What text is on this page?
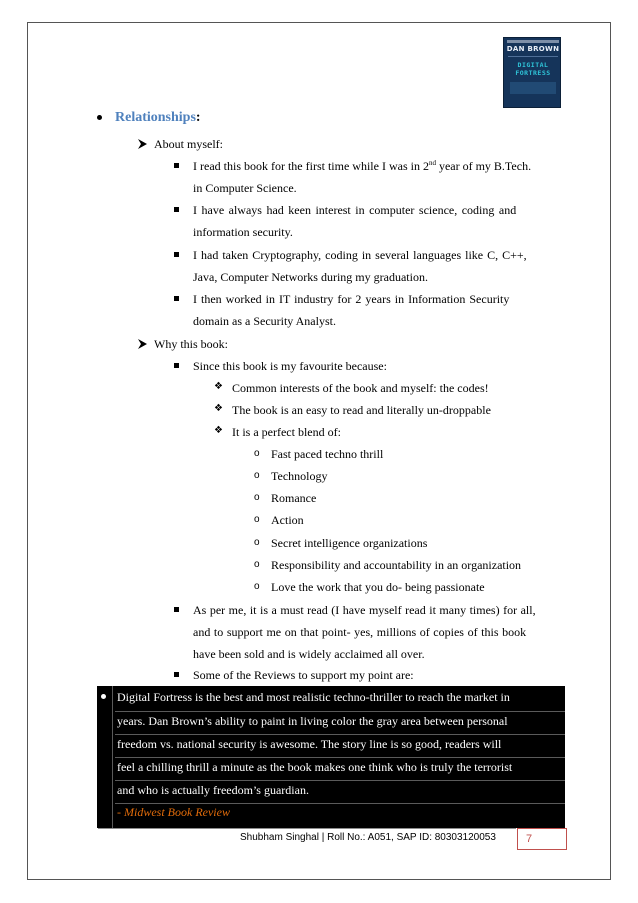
DAN BROWN
DIGITAL
FORTRESS
Relationships:
About myself:
I read this book for the first time while I was in 2nd year of my B.Tech.
in Computer Science.
I have always had keen interest in computer science, coding and
information security.
I had taken Cryptography, coding in several languages like C, C++,
Java, Computer Networks during my graduation.
I then worked in IT industry for 2 years in Information Security
domain as a Security Analyst.
Why this book:
Since this book is my favourite because:
❖ Common interests of the book and myself: the codes!
❖ The book is an easy to read and literally un-droppable
❖ It is a perfect blend of:
o Fast paced techno thrill
o Technology
o Romance
o Action
o Secret intelligence organizations
o Responsibility and accountability in an organization
o Love the work that you do- being passionate
As per me, it is a must read (I have myself read it many times) for all,
and to support me on that point- yes, millions of copies of this book
have been sold and is widely acclaimed all over.
Some of the Reviews to support my point are:
Digital Fortress is the best and most realistic techno-thriller to reach the market in
years. Dan Brown’s ability to paint in living color the gray area between personal
freedom vs. national security is awesome. The story line is so good, readers will
feel a chilling thrill a minute as the book makes one think who is truly the terrorist
and who is actually freedom’s guardian.
- Midwest Book Review
Shubham Singhal | Roll No.: A051, SAP ID: 80303120053	7
